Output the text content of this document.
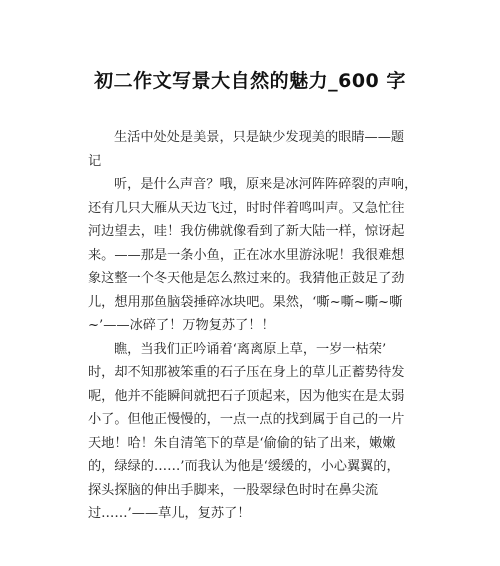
初二作文写景大自然的魅力_600 字
生活中处处是美景，只是缺少发现美的眼睛——题
记
听，是什么声音？哦，原来是冰河阵阵碎裂的声响，
还有几只大雁从天边飞过，时时伴着鸣叫声。又急忙往
河边望去，哇！我仿佛就像看到了新大陆一样，惊讶起
来。——那是一条小鱼，正在冰水里游泳呢！我很难想
象这整一个冬天他是怎么熬过来的。我猜他正鼓足了劲
儿，想用那鱼脑袋捶碎冰块吧。果然，‘嘶~嘶~嘶~嘶
~’——冰碎了！万物复苏了！！
瞧，当我们正吟诵着‘离离原上草，一岁一枯荣’
时，却不知那被笨重的石子压在身上的草儿正蓄势待发
呢，他并不能瞬间就把石子顶起来，因为他实在是太弱
小了。但他正慢慢的，一点一点的找到属于自己的一片
天地！哈！朱自清笔下的草是‘偷偷的钻了出来，嫩嫩
的，绿绿的……’而我认为他是‘缓缓的，小心翼翼的，
探头探脑的伸出手脚来，一股翠绿色时时在鼻尖流
过……’——草儿，复苏了！
